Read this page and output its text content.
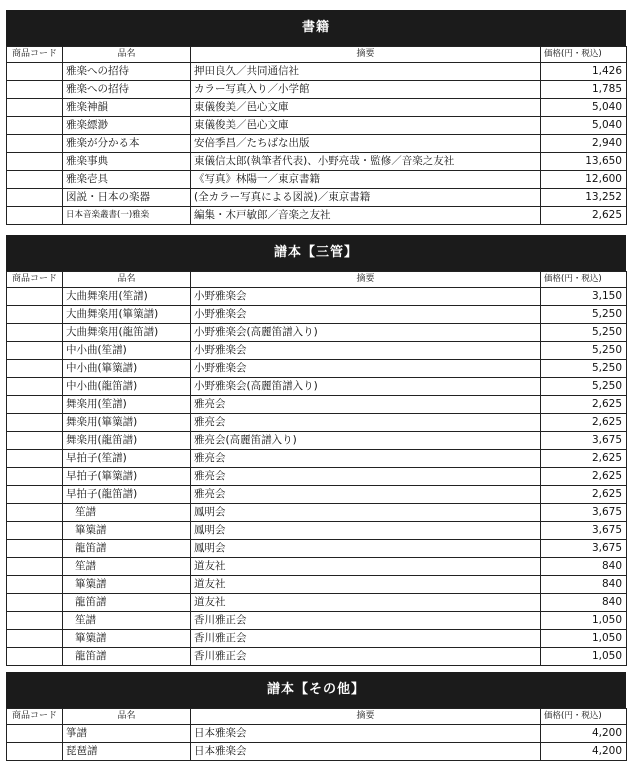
書籍
商品コード	品名	摘要	価格(円・税込)
	雅楽への招待	押田良久／共同通信社	1,426
	雅楽への招待	カラー写真入り／小学館	1,785
	雅楽神韻	東儀俊美／邑心文庫	5,040
	雅楽縹渺	東儀俊美／邑心文庫	5,040
	雅楽が分かる本	安倍季昌／たちばな出版	2,940
	雅楽事典	東儀信太郎(執筆者代表)、小野亮哉・監修／音楽之友社	13,650
	雅楽壱具	《写真》林陽一／東京書籍	12,600
	図説・日本の楽器	(全カラー写真による図説)／東京書籍	13,252
	日本音楽叢書(一)雅楽	編集・木戸敏郎／音楽之友社	2,625
譜本【三管】
商品コード	品名	摘要	価格(円・税込)
	大曲舞楽用(笙譜)	小野雅楽会	3,150
	大曲舞楽用(篳篥譜)	小野雅楽会	5,250
	大曲舞楽用(龍笛譜)	小野雅楽会(高麗笛譜入り)	5,250
	中小曲(笙譜)	小野雅楽会	5,250
	中小曲(篳篥譜)	小野雅楽会	5,250
	中小曲(龍笛譜)	小野雅楽会(高麗笛譜入り)	5,250
	舞楽用(笙譜)	雅亮会	2,625
	舞楽用(篳篥譜)	雅亮会	2,625
	舞楽用(龍笛譜)	雅亮会(高麗笛譜入り)	3,675
	早拍子(笙譜)	雅亮会	2,625
	早拍子(篳篥譜)	雅亮会	2,625
	早拍子(龍笛譜)	雅亮会	2,625
	笙譜	鳳明会	3,675
	篳篥譜	鳳明会	3,675
	龍笛譜	鳳明会	3,675
	笙譜	道友社	840
	篳篥譜	道友社	840
	龍笛譜	道友社	840
	笙譜	香川雅正会	1,050
	篳篥譜	香川雅正会	1,050
	龍笛譜	香川雅正会	1,050
譜本【その他】
商品コード	品名	摘要	価格(円・税込)
	箏譜	日本雅楽会	4,200
	琵琶譜	日本雅楽会	4,200
